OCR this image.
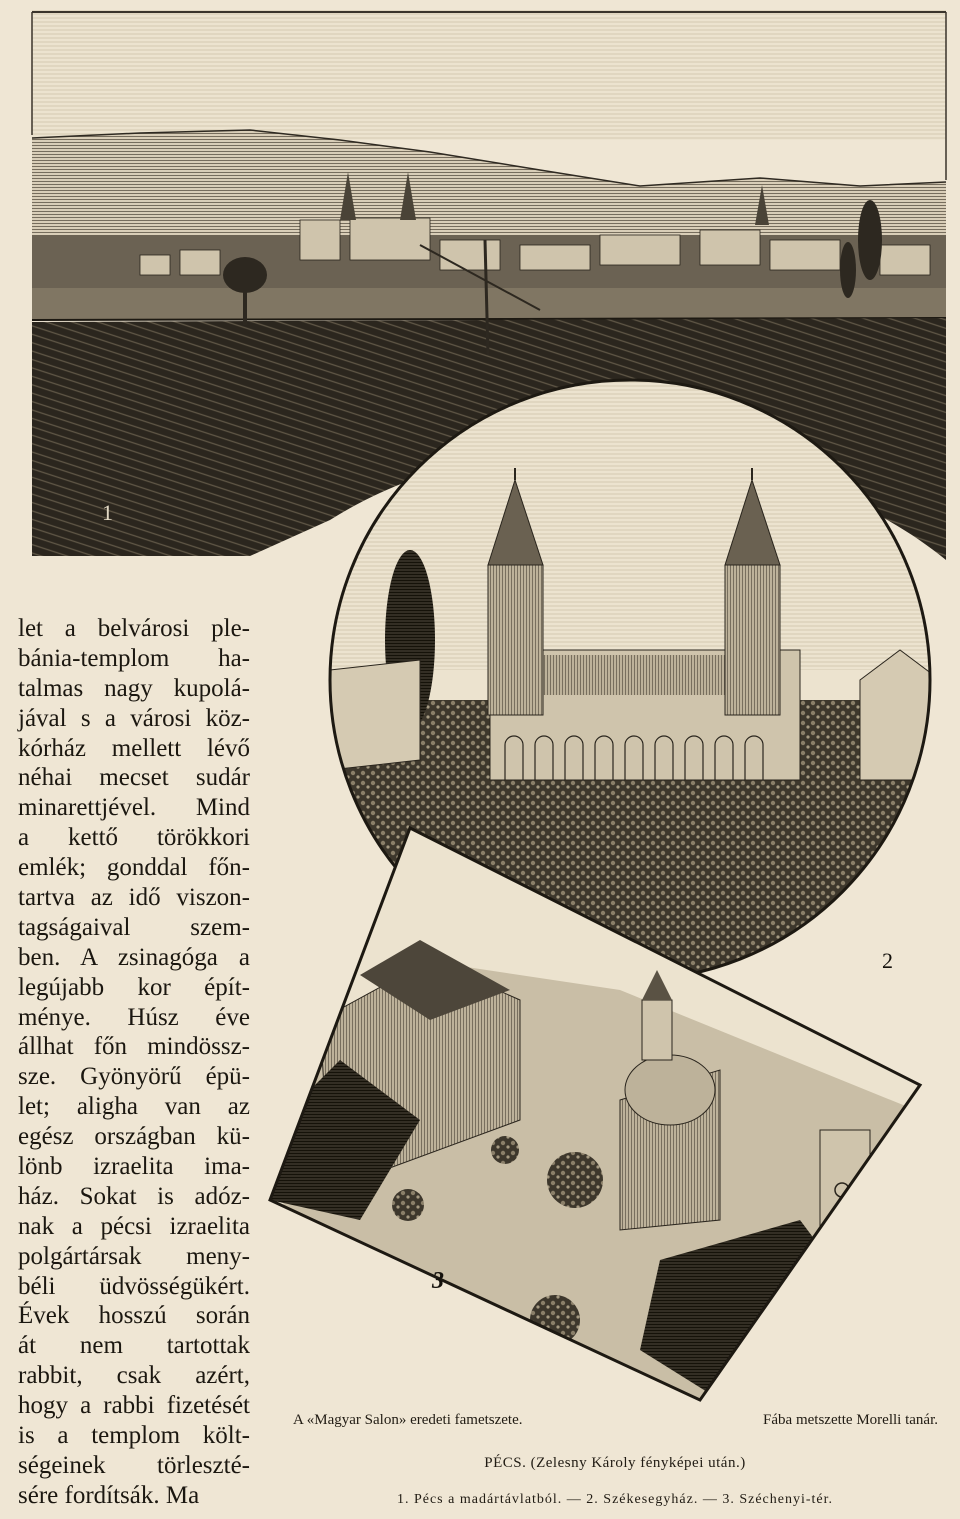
1
2
3
let a belvárosi ple-
bánia-templom ha-
talmas nagy kupolá-
jával s a városi köz-
kórház mellett lévő
néhai mecset sudár
minarettjével. Mind
a kettő törökkori
emlék; gonddal főn-
tartva az idő viszon-
tagságaival szem-
ben. A zsinagóga a
legújabb kor épít-
ménye. Húsz éve
állhat főn mindössz-
sze. Gyönyörű épü-
let; aligha van az
egész országban kü-
lönb izraelita ima-
ház. Sokat is adóz-
nak a pécsi izraelita
polgártársak meny-
béli üdvösségükért.
Évek hosszú során
át nem tartottak
rabbit, csak azért,
hogy a rabbi fizetését
is a templom költ-
ségeinek törleszté-
sére fordítsák. Ma
A «Magyar Salon» eredeti fametszete.	Fába metszette Morelli tanár.
PÉCS. (Zelesny Károly fényképei után.)
1. Pécs a madártávlatból. — 2. Székesegyház. — 3. Széchenyi-tér.
